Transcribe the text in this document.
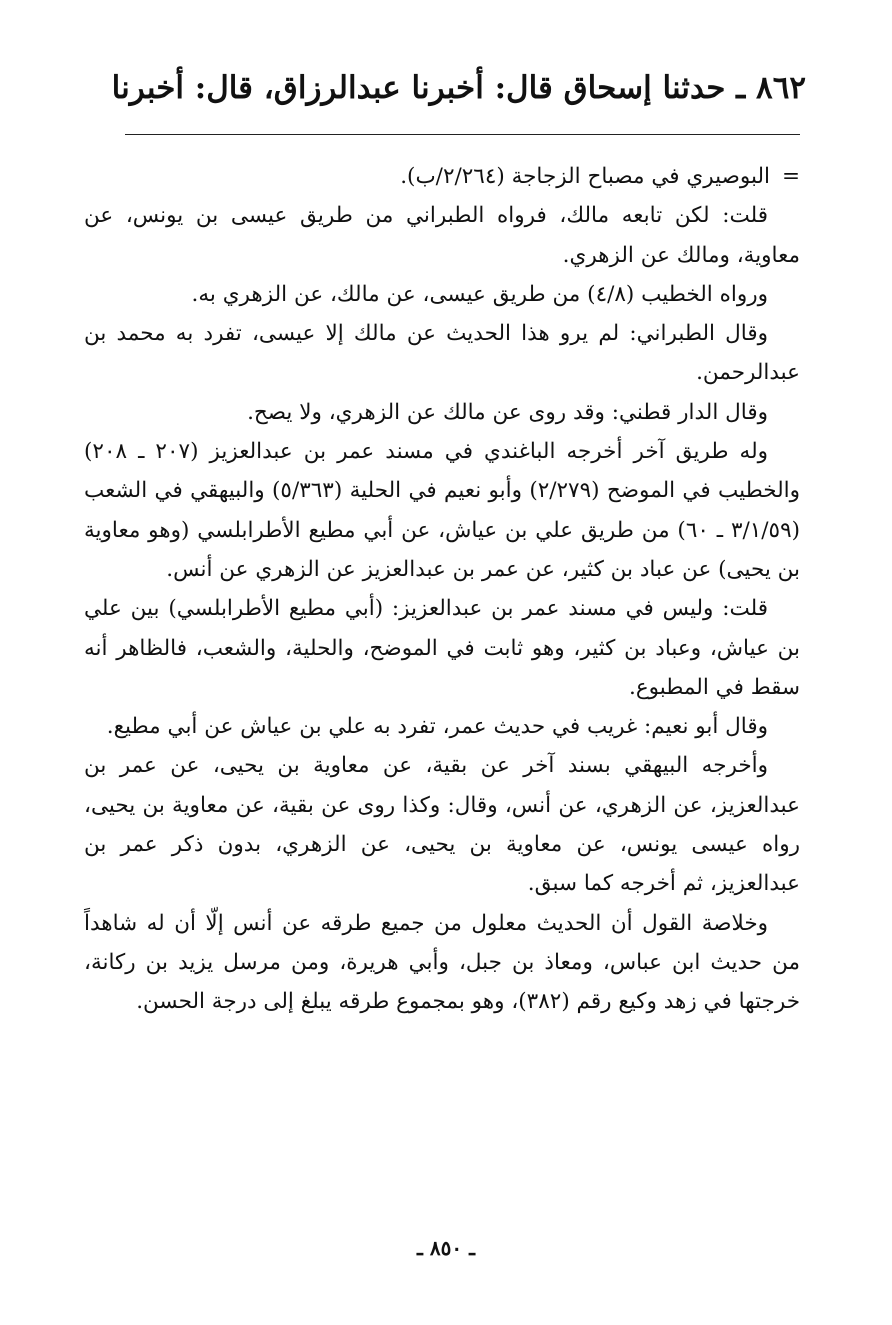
٨٦٢ ـ حدثنا إسحاق قال: أخبرنا عبدالرزاق، قال: أخبرنا

=البوصيري في مصباح الزجاجة (٢/٢٦٤/ب).

قلت: لكن تابعه مالك، فرواه الطبراني من طريق عيسى بن يونس، عن معاوية، ومالك عن الزهري.

ورواه الخطيب (٤/٨) من طريق عيسى، عن مالك، عن الزهري به.

وقال الطبراني: لم يرو هذا الحديث عن مالك إلا عيسى، تفرد به محمد بن عبدالرحمن.

وقال الدار قطني: وقد روى عن مالك عن الزهري، ولا يصح.

وله طريق آخر أخرجه الباغندي في مسند عمر بن عبدالعزيز (٢٠٧ ـ ٢٠٨) والخطيب في الموضح (٢/٢٧٩) وأبو نعيم في الحلية (٥/٣٦٣) والبيهقي في الشعب (٣/١/٥٩ ـ ٦٠) من طريق علي بن عياش، عن أبي مطيع الأطرابلسي (وهو معاوية بن يحيى) عن عباد بن كثير، عن عمر بن عبدالعزيز عن الزهري عن أنس.

قلت: وليس في مسند عمر بن عبدالعزيز: (أبي مطيع الأطرابلسي) بين علي بن عياش، وعباد بن كثير، وهو ثابت في الموضح، والحلية، والشعب، فالظاهر أنه سقط في المطبوع.

وقال أبو نعيم: غريب في حديث عمر، تفرد به علي بن عياش عن أبي مطيع.

وأخرجه البيهقي بسند آخر عن بقية، عن معاوية بن يحيى، عن عمر بن عبدالعزيز، عن الزهري، عن أنس، وقال: وكذا روى عن بقية، عن معاوية بن يحيى، رواه عيسى يونس، عن معاوية بن يحيى، عن الزهري، بدون ذكر عمر بن عبدالعزيز، ثم أخرجه كما سبق.

وخلاصة القول أن الحديث معلول من جميع طرقه عن أنس إلّا أن له شاهداً من حديث ابن عباس، ومعاذ بن جبل، وأبي هريرة، ومن مرسل يزيد بن ركانة، خرجتها في زهد وكيع رقم (٣٨٢)، وهو بمجموع طرقه يبلغ إلى درجة الحسن.

ـ ٨٥٠ ـ
